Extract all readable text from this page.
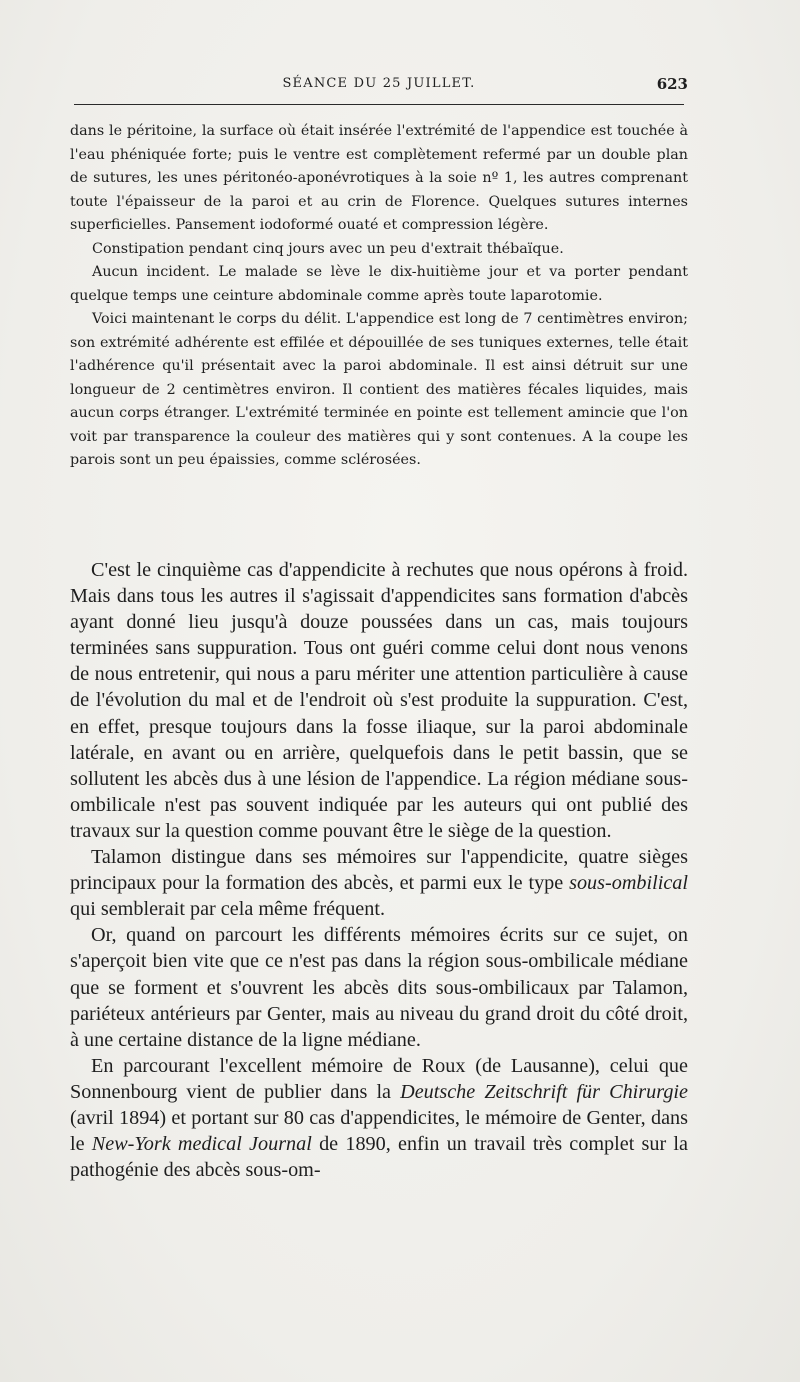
SÉANCE DU 25 JUILLET.	623

dans le péritoine, la surface où était insérée l'extrémité de l'appendice est touchée à l'eau phéniquée forte; puis le ventre est complètement refermé par un double plan de sutures, les unes péritonéo-aponévrotiques à la soie nº 1, les autres comprenant toute l'épaisseur de la paroi et au crin de Florence. Quelques sutures internes superficielles. Pansement iodoformé ouaté et compression légère.

Constipation pendant cinq jours avec un peu d'extrait thébaïque.

Aucun incident. Le malade se lève le dix-huitième jour et va porter pendant quelque temps une ceinture abdominale comme après toute laparotomie.

Voici maintenant le corps du délit. L'appendice est long de 7 centimètres environ; son extrémité adhérente est effilée et dépouillée de ses tuniques externes, telle était l'adhérence qu'il présentait avec la paroi abdominale. Il est ainsi détruit sur une longueur de 2 centimètres environ. Il contient des matières fécales liquides, mais aucun corps étranger. L'extrémité terminée en pointe est tellement amincie que l'on voit par transparence la couleur des matières qui y sont contenues. A la coupe les parois sont un peu épaissies, comme sclérosées.

C'est le cinquième cas d'appendicite à rechutes que nous opérons à froid. Mais dans tous les autres il s'agissait d'appendicites sans formation d'abcès ayant donné lieu jusqu'à douze poussées dans un cas, mais toujours terminées sans suppuration. Tous ont guéri comme celui dont nous venons de nous entretenir, qui nous a paru mériter une attention particulière à cause de l'évolution du mal et de l'endroit où s'est produite la suppuration. C'est, en effet, presque toujours dans la fosse iliaque, sur la paroi abdominale latérale, en avant ou en arrière, quelquefois dans le petit bassin, que se sollutent les abcès dus à une lésion de l'appendice. La région médiane sous-ombilicale n'est pas souvent indiquée par les auteurs qui ont publié des travaux sur la question comme pouvant être le siège de la question.

Talamon distingue dans ses mémoires sur l'appendicite, quatre sièges principaux pour la formation des abcès, et parmi eux le type sous-ombilical qui semblerait par cela même fréquent.

Or, quand on parcourt les différents mémoires écrits sur ce sujet, on s'aperçoit bien vite que ce n'est pas dans la région sous-ombilicale médiane que se forment et s'ouvrent les abcès dits sous-ombilicaux par Talamon, pariéteux antérieurs par Genter, mais au niveau du grand droit du côté droit, à une certaine distance de la ligne médiane.

En parcourant l'excellent mémoire de Roux (de Lausanne), celui que Sonnenbourg vient de publier dans la Deutsche Zeitschrift für Chirurgie (avril 1894) et portant sur 80 cas d'appendicites, le mémoire de Genter, dans le New-York medical Journal de 1890, enfin un travail très complet sur la pathogénie des abcès sous-om-
